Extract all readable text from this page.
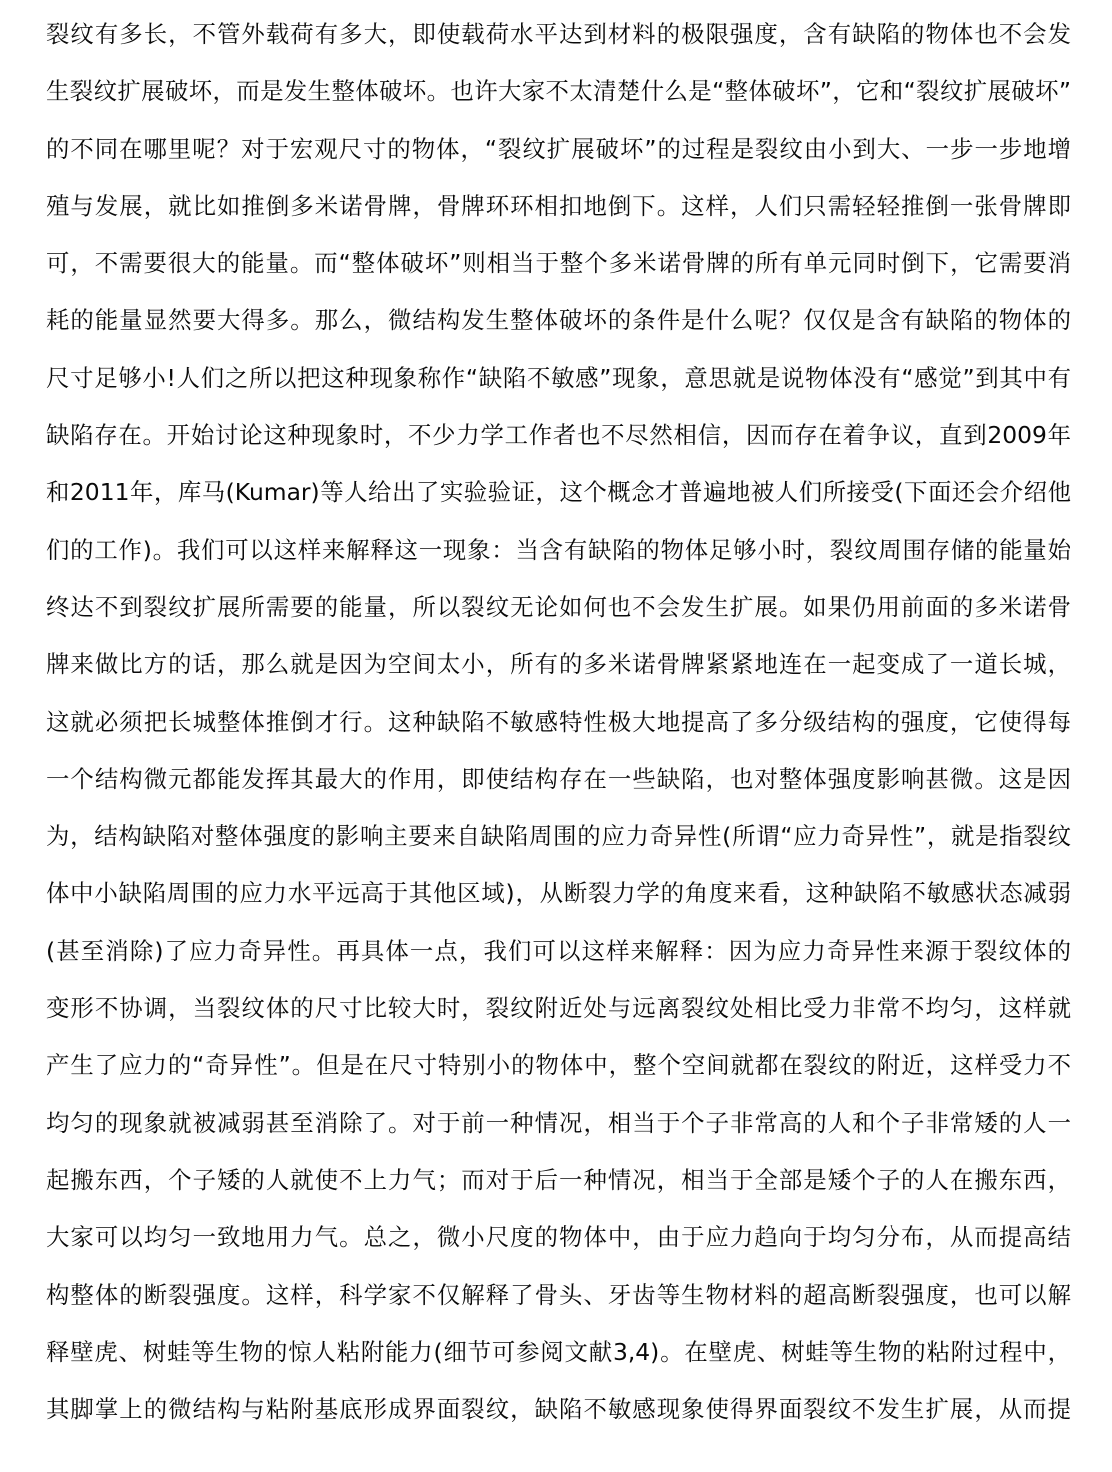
裂纹有多长，不管外载荷有多大，即使载荷水平达到材料的极限强度，含有缺陷的物体也不会发
生裂纹扩展破坏，而是发生整体破坏。也许大家不太清楚什么是“整体破坏”，它和“裂纹扩展破坏”
的不同在哪里呢？对于宏观尺寸的物体，“裂纹扩展破坏”的过程是裂纹由小到大、一步一步地增
殖与发展，就比如推倒多米诺骨牌，骨牌环环相扣地倒下。这样，人们只需轻轻推倒一张骨牌即
可，不需要很大的能量。而“整体破坏”则相当于整个多米诺骨牌的所有单元同时倒下，它需要消
耗的能量显然要大得多。那么，微结构发生整体破坏的条件是什么呢？仅仅是含有缺陷的物体的
尺寸足够小!人们之所以把这种现象称作“缺陷不敏感”现象，意思就是说物体没有“感觉”到其中有
缺陷存在。开始讨论这种现象时，不少力学工作者也不尽然相信，因而存在着争议，直到2009年
和2011年，库马(Kumar)等人给出了实验验证，这个概念才普遍地被人们所接受(下面还会介绍他
们的工作)。我们可以这样来解释这一现象：当含有缺陷的物体足够小时，裂纹周围存储的能量始
终达不到裂纹扩展所需要的能量，所以裂纹无论如何也不会发生扩展。如果仍用前面的多米诺骨
牌来做比方的话，那么就是因为空间太小，所有的多米诺骨牌紧紧地连在一起变成了一道长城，
这就必须把长城整体推倒才行。这种缺陷不敏感特性极大地提高了多分级结构的强度，它使得每
一个结构微元都能发挥其最大的作用，即使结构存在一些缺陷，也对整体强度影响甚微。这是因
为，结构缺陷对整体强度的影响主要来自缺陷周围的应力奇异性(所谓“应力奇异性”，就是指裂纹
体中小缺陷周围的应力水平远高于其他区域)，从断裂力学的角度来看，这种缺陷不敏感状态减弱
(甚至消除)了应力奇异性。再具体一点，我们可以这样来解释：因为应力奇异性来源于裂纹体的
变形不协调，当裂纹体的尺寸比较大时，裂纹附近处与远离裂纹处相比受力非常不均匀，这样就
产生了应力的“奇异性”。但是在尺寸特别小的物体中，整个空间就都在裂纹的附近，这样受力不
均匀的现象就被减弱甚至消除了。对于前一种情况，相当于个子非常高的人和个子非常矮的人一
起搬东西，个子矮的人就使不上力气；而对于后一种情况，相当于全部是矮个子的人在搬东西，
大家可以均匀一致地用力气。总之，微小尺度的物体中，由于应力趋向于均匀分布，从而提高结
构整体的断裂强度。这样，科学家不仅解释了骨头、牙齿等生物材料的超高断裂强度，也可以解
释壁虎、树蛙等生物的惊人粘附能力(细节可参阅文献3,4)。在壁虎、树蛙等生物的粘附过程中，
其脚掌上的微结构与粘附基底形成界面裂纹，缺陷不敏感现象使得界面裂纹不发生扩展，从而提
